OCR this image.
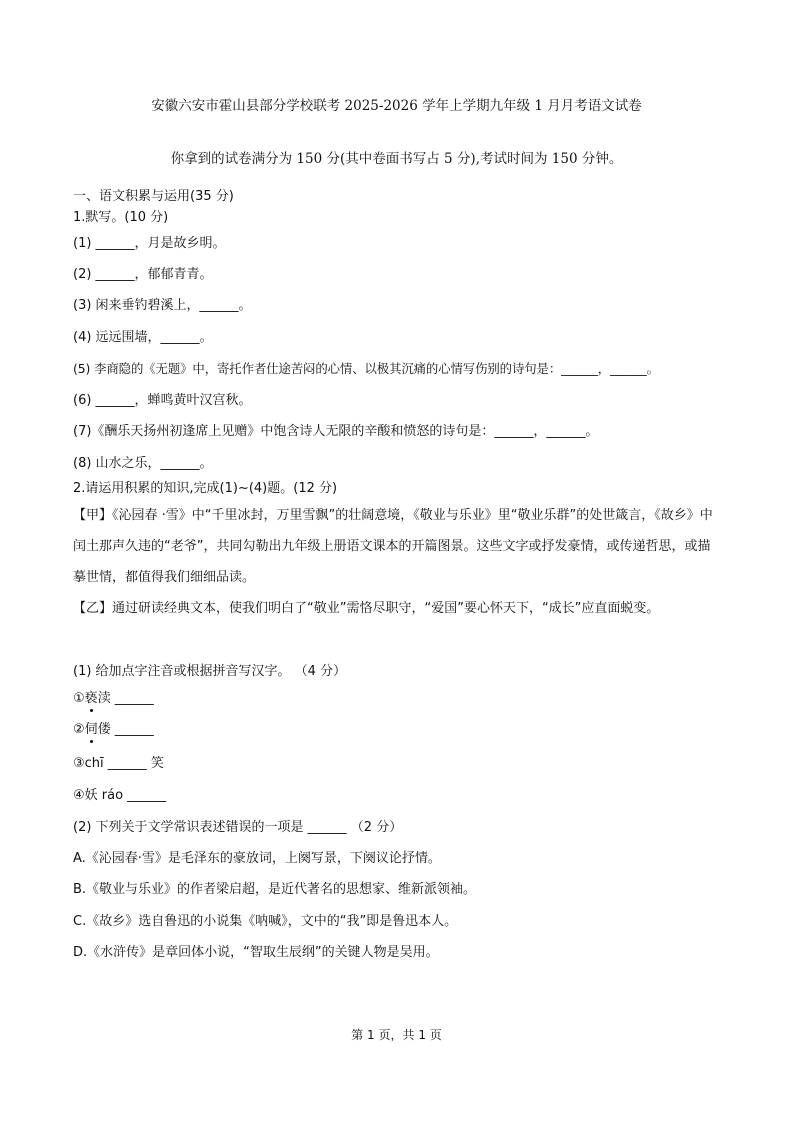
安徽六安市霍山县部分学校联考 2025-2026 学年上学期九年级 1 月月考语文试卷
你拿到的试卷满分为 150 分(其中卷面书写占 5 分),考试时间为 150 分钟。
一、语文积累与运用(35 分)
1.默写。(10 分)
(1) ______，月是故乡明。
(2) ______，郁郁青青。
(3) 闲来垂钓碧溪上，______。
(4) 远远围墙，______。
(5) 李商隐的《无题》中，寄托作者仕途苦闷的心情、以极其沉痛的心情写伤别的诗句是：______，______。
(6) ______，蝉鸣黄叶汉宫秋。
(7)《酬乐天扬州初逢席上见赠》中饱含诗人无限的辛酸和愤怒的诗句是：______，______。
(8) 山水之乐，______。
2.请运用积累的知识,完成(1)~(4)题。(12 分)
【甲】《沁园春 ·雪》中“千里冰封，万里雪飘”的壮阔意境，《敬业与乐业》里“敬业乐群”的处世箴言，《故乡》中闰土那声久违的“老爷”，共同勾勒出九年级上册语文课本的开篇图景。这些文字或抒发豪情，或传递哲思，或描摹世情，都值得我们细细品读。
【乙】通过研读经典文本，使我们明白了“敬业”需恪尽职守，“爱国”要心怀天下，“成长”应直面蜕变。
(1) 给加点字注音或根据拼音写汉字。 （4 分）
①亵渎 ______
②伺偻 ______
③chī ______ 笑
④妖 ráo ______
(2) 下列关于文学常识表述错误的一项是 ______ （2 分）
A.《沁园春·雪》是毛泽东的豪放词，上阕写景，下阕议论抒情。
B.《敬业与乐业》的作者梁启超，是近代著名的思想家、维新派领袖。
C.《故乡》选自鲁迅的小说集《呐喊》，文中的“我”即是鲁迅本人。
D.《水浒传》是章回体小说，“智取生辰纲”的关键人物是吴用。
第 1 页，共 1 页
